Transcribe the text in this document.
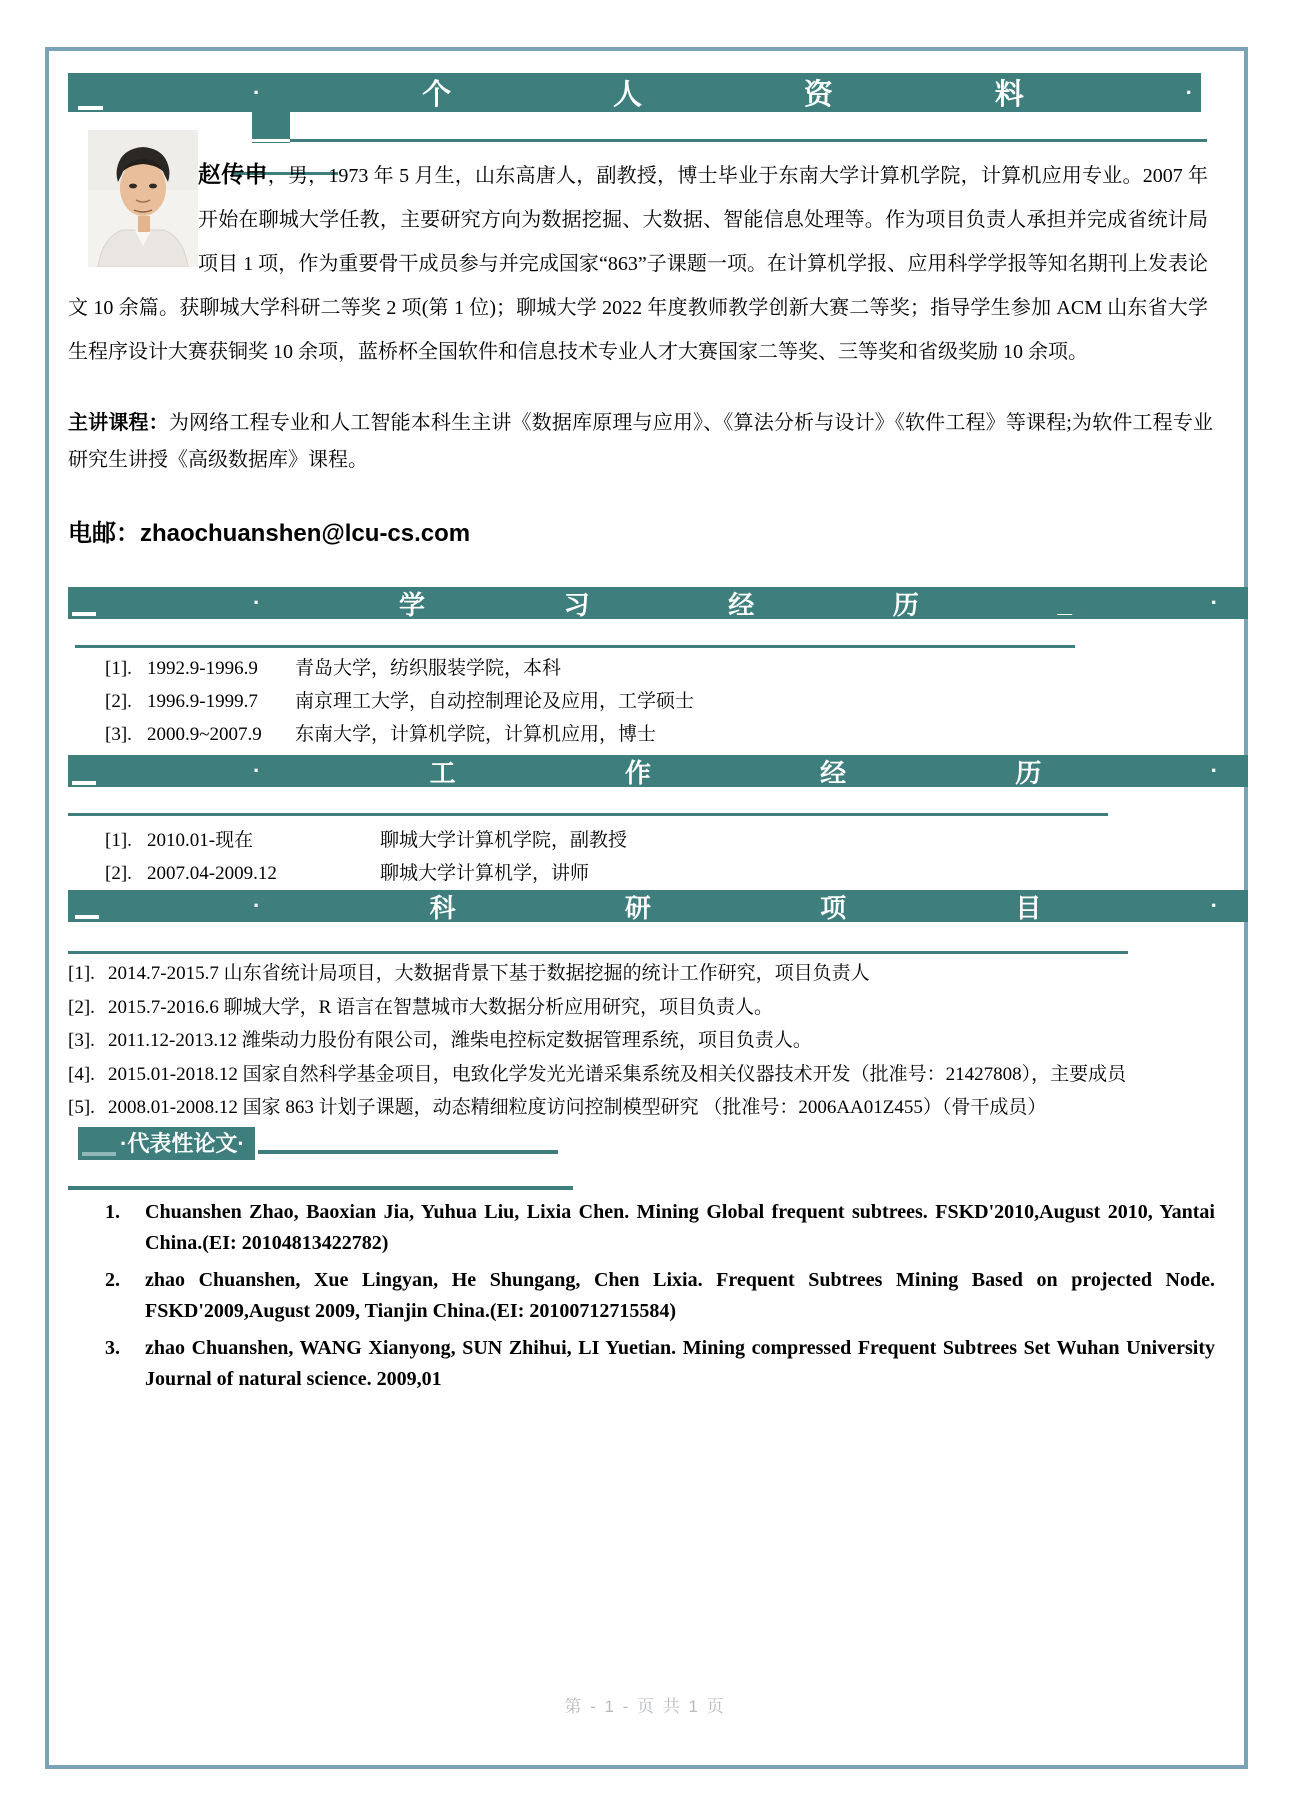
·	个	人	资	料	·
赵传申，男，1973 年 5 月生，山东高唐人，副教授，博士毕业于东南大学计算机学院，计算机应用专业。2007 年开始在聊城大学任教，主要研究方向为数据挖掘、大数据、智能信息处理等。作为项目负责人承担并完成省统计局项目 1 项，作为重要骨干成员参与并完成国家“863”子课题一项。在计算机学报、应用科学学报等知名期刊上发表论文 10 余篇。获聊城大学科研二等奖 2 项(第 1 位)；聊城大学 2022 年度教师教学创新大赛二等奖；指导学生参加 ACM 山东省大学生程序设计大赛获铜奖 10 余项，蓝桥杯全国软件和信息技术专业人才大赛国家二等奖、三等奖和省级奖励 10 余项。
主讲课程：为网络工程专业和人工智能本科生主讲《数据库原理与应用》、《算法分析与设计》《软件工程》等课程;为软件工程专业研究生讲授《高级数据库》课程。
电邮：zhaochuanshen@lcu-cs.com
·	学	习	经	历	_	·
[1]. 1992.9-1996.9	青岛大学，纺织服装学院，本科
[2]. 1996.9-1999.7	南京理工大学，自动控制理论及应用，工学硕士
[3]. 2000.9~2007.9	东南大学，计算机学院，计算机应用，博士
·	工	作	经	历	·
[1]. 2010.01-现在	聊城大学计算机学院，副教授
[2]. 2007.04-2009.12	聊城大学计算机学，讲师
·	科	研	项	目	·
[1]. 2014.7-2015.7 山东省统计局项目，大数据背景下基于数据挖掘的统计工作研究，项目负责人
[2]. 2015.7-2016.6 聊城大学，R 语言在智慧城市大数据分析应用研究，项目负责人。
[3]. 2011.12-2013.12 潍柴动力股份有限公司，潍柴电控标定数据管理系统，项目负责人。
[4]. 2015.01-2018.12 国家自然科学基金项目，电致化学发光光谱采集系统及相关仪器技术开发（批准号：21427808），主要成员
[5]. 2008.01-2008.12 国家 863 计划子课题，动态精细粒度访问控制模型研究 （批准号：2006AA01Z455）（骨干成员）
·代表性论文·
1.	Chuanshen Zhao, Baoxian Jia, Yuhua Liu, Lixia Chen. Mining Global frequent subtrees. FSKD'2010,August 2010, Yantai China.(EI: 20104813422782)
2.	zhao Chuanshen, Xue Lingyan, He Shungang, Chen Lixia. Frequent Subtrees Mining Based on projected Node. FSKD'2009,August 2009, Tianjin China.(EI: 20100712715584)
3.	zhao Chuanshen, WANG Xianyong, SUN Zhihui, LI Yuetian. Mining compressed Frequent Subtrees Set Wuhan University Journal of natural science. 2009,01
第 - 1 - 页 共 1 页
